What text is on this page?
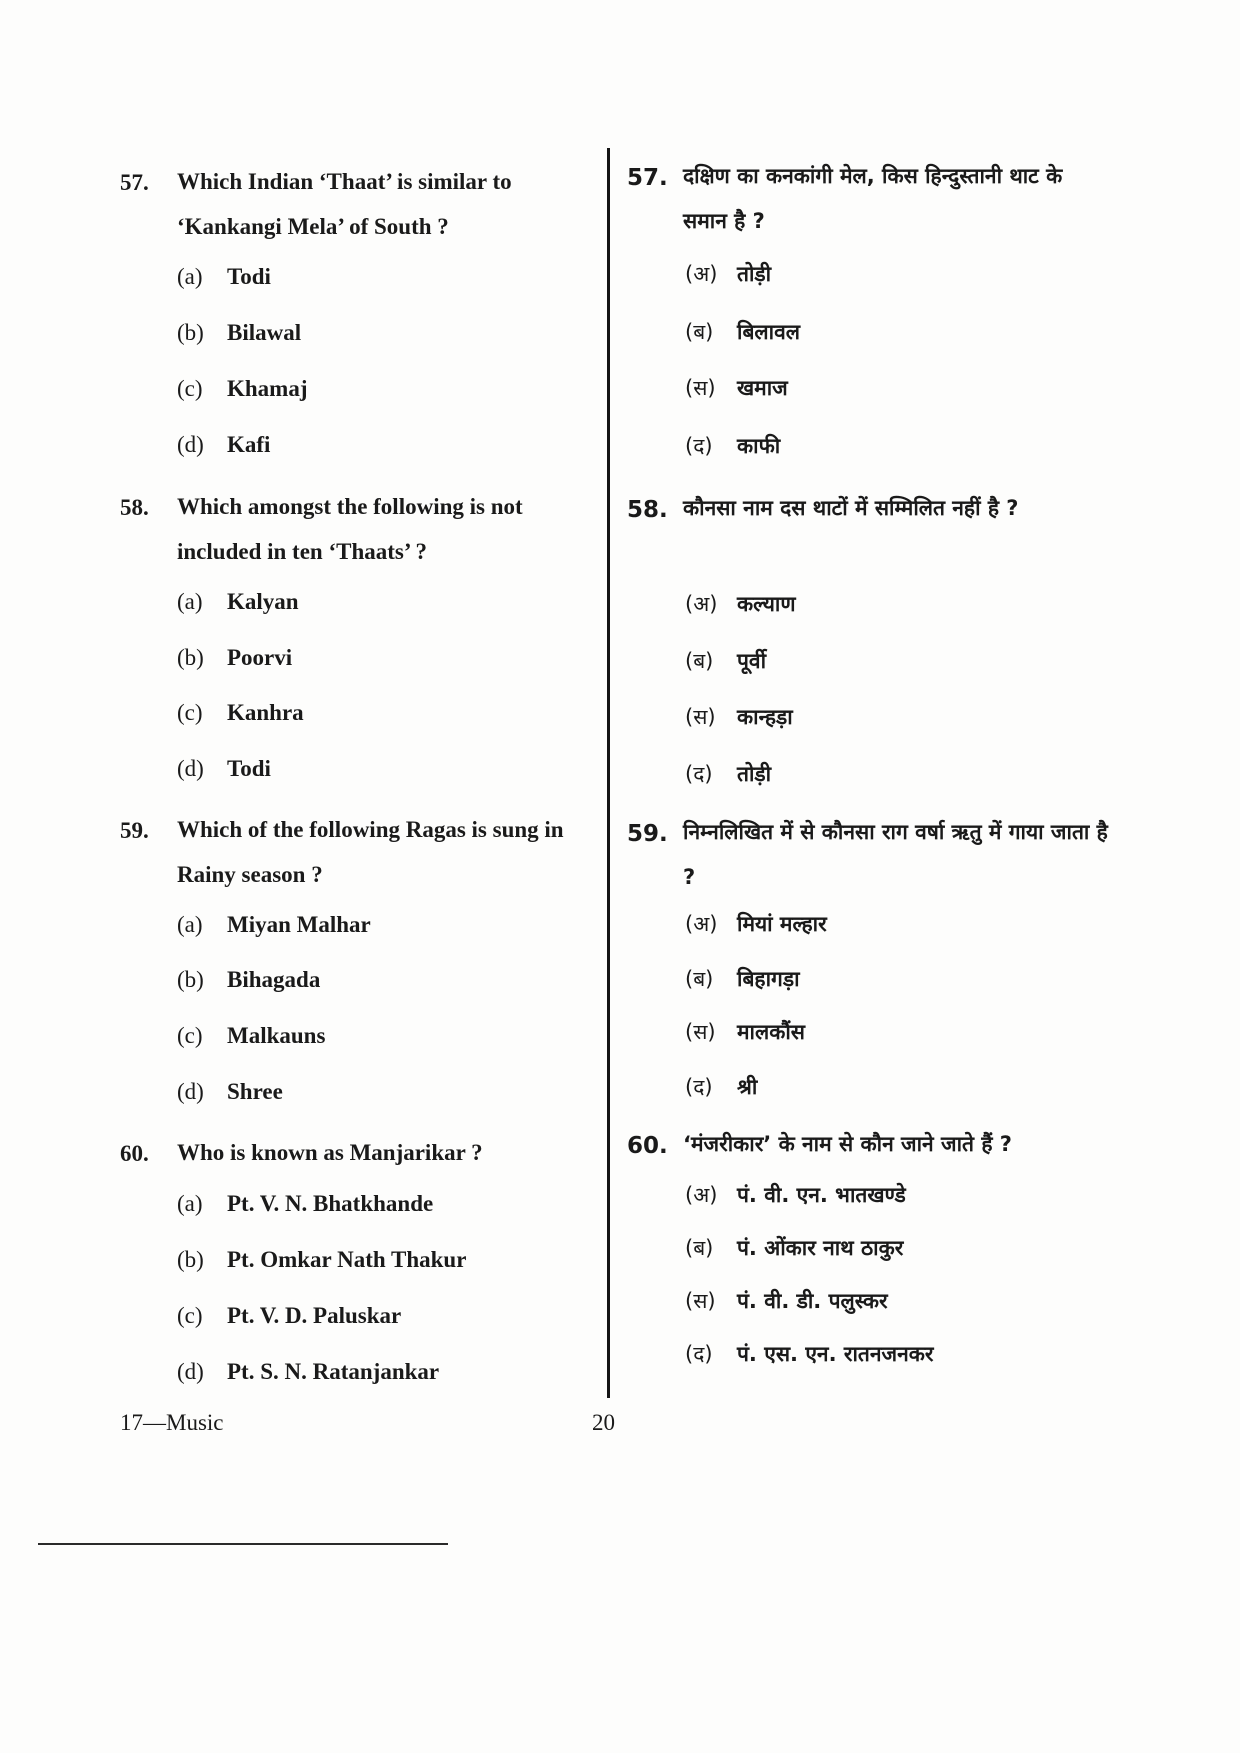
57. Which Indian ‘Thaat’ is similar to ‘Kankangi Mela’ of South ?
(a) Todi
(b) Bilawal
(c) Khamaj
(d) Kafi
58. Which amongst the following is not included in ten ‘Thaats’ ?
(a) Kalyan
(b) Poorvi
(c) Kanhra
(d) Todi
59. Which of the following Ragas is sung in Rainy season ?
(a) Miyan Malhar
(b) Bihagada
(c) Malkauns
(d) Shree
60. Who is known as Manjarikar ?
(a) Pt. V. N. Bhatkhande
(b) Pt. Omkar Nath Thakur
(c) Pt. V. D. Paluskar
(d) Pt. S. N. Ratanjankar
57. दक्षिण का कनकांगी मेल, किस हिन्दुस्तानी थाट के समान है ?
(अ) तोड़ी
(ब) बिलावल
(स) खमाज
(द) काफी
58. कौनसा नाम दस थाटों में सम्मिलित नहीं है ?
(अ) कल्याण
(ब) पूर्वी
(स) कान्हड़ा
(द) तोड़ी
59. निम्नलिखित में से कौनसा राग वर्षा ऋतु में गाया जाता है ?
(अ) मियां मल्हार
(ब) बिहागड़ा
(स) मालकौंस
(द) श्री
60. ‘मंजरीकार’ के नाम से कौन जाने जाते हैं ?
(अ) पं. वी. एन. भातखण्डे
(ब) पं. ओंकार नाथ ठाकुर
(स) पं. वी. डी. पलुस्कर
(द) पं. एस. एन. रातनजनकर
17—Music	20
